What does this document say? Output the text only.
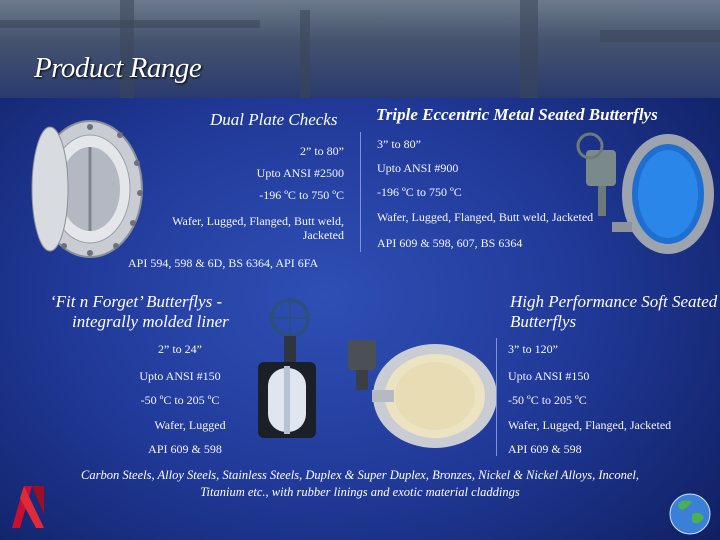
Product Range
Dual Plate Checks Triple Eccentric Metal Seated Butterflys
2” to 80”
Upto ANSI #2500
-196 ºC to 750 ºC
Wafer, Lugged, Flanged, Butt weld,
Jacketed
3” to 80”
Upto ANSI #900
-196 ºC to 750 ºC
Wafer, Lugged, Flanged, Butt weld, Jacketed
API 609 & 598, 607, BS 6364
API 594, 598 & 6D, BS 6364, API 6FA
‘Fit n Forget’ Butterflys -
integrally molded liner
2” to 24”
Upto ANSI #150
-50 ºC to 205 ºC
Wafer, Lugged
API 609 & 598
High Performance Soft Seated
Butterflys
3” to 120”
Upto ANSI #150
-50 ºC to 205 ºC
Wafer, Lugged, Flanged, Jacketed
API 609 & 598
Carbon Steels, Alloy Steels, Stainless Steels, Duplex & Super Duplex, Bronzes, Nickel & Nickel Alloys, Inconel,
Titanium etc., with rubber linings and exotic material claddings
